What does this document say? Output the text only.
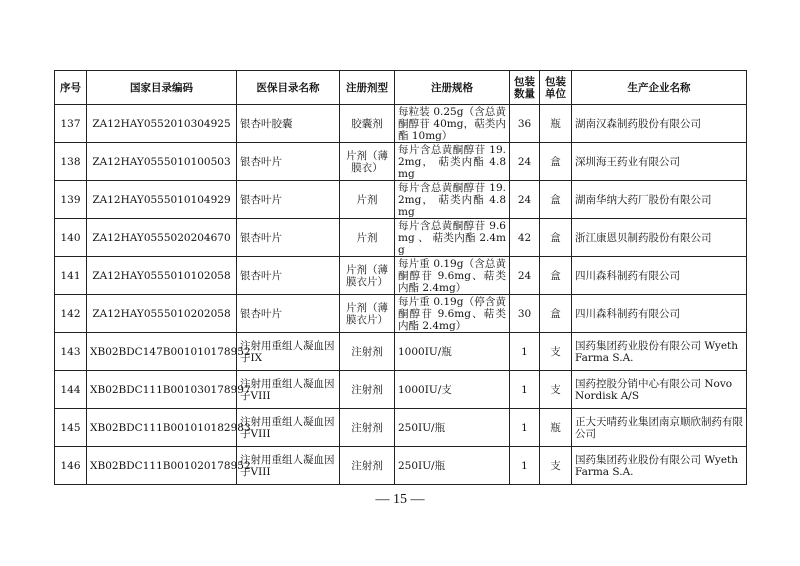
序号	国家目录编码	医保目录名称	注册剂型	注册规格	包装数量	包装单位	生产企业名称
137	ZA12HAY0552010304925	银杏叶胶囊	胶囊剂	每粒装 0.25g（含总黄酮醇苷 40mg，萜类内酯 10mg）	36	瓶	湖南汉森制药股份有限公司
138	ZA12HAY0555010100503	银杏叶片	片剂（薄膜衣）	每片含总黄酮醇苷 19.2mg， 萜类内酯 4.8mg	24	盒	深圳海王药业有限公司
139	ZA12HAY0555010104929	银杏叶片	片剂	每片含总黄酮醇苷 19.2mg， 萜类内酯 4.8mg	24	盒	湖南华纳大药厂股份有限公司
140	ZA12HAY0555020204670	银杏叶片	片剂	每片含总黄酮醇苷 9.6mg 、 萜类内酯 2.4mg	42	盒	浙江康恩贝制药股份有限公司
141	ZA12HAY0555010102058	银杏叶片	片剂（薄膜衣片）	每片重 0.19g（含总黄酮醇苷 9.6mg、萜类内酯 2.4mg）	24	盒	四川森科制药有限公司
142	ZA12HAY0555010202058	银杏叶片	片剂（薄膜衣片）	每片重 0.19g（停含黄酮醇苷 9.6mg、萜类内酯 2.4mg）	30	盒	四川森科制药有限公司
143	XB02BDC147B001010178952	注射用重组人凝血因子IX	注射剂	1000IU/瓶	1	支	国药集团药业股份有限公司 Wyeth Farma S.A.
144	XB02BDC111B001030178997	注射用重组人凝血因子VIII	注射剂	1000IU/支	1	支	国药控股分销中心有限公司 Novo Nordisk A/S
145	XB02BDC111B001010182983	注射用重组人凝血因子VIII	注射剂	250IU/瓶	1	瓶	正大天晴药业集团南京顺欣制药有限公司
146	XB02BDC111B001020178952	注射用重组人凝血因子VIII	注射剂	250IU/瓶	1	支	国药集团药业股份有限公司 Wyeth Farma S.A.
— 15 —
